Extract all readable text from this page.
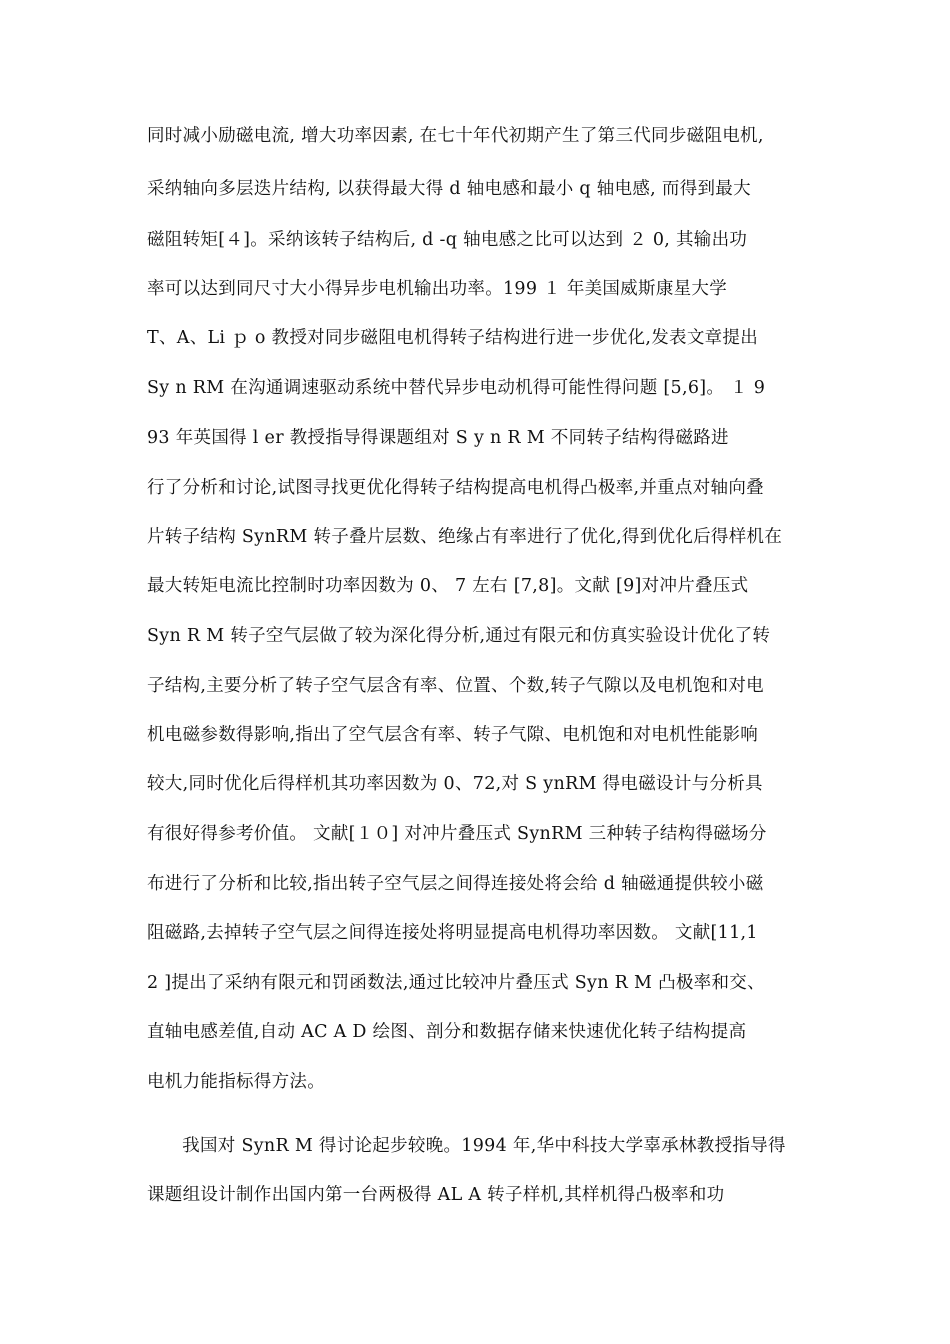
同时减小励磁电流, 增大功率因素, 在七十年代初期产生了第三代同步磁阻电机,
采纳轴向多层迭片结构, 以获得最大得 d 轴电感和最小 q 轴电感, 而得到最大
磁阻转矩[４]。采纳该转子结构后, d -q 轴电感之比可以达到 ２ 0, 其输出功
率可以达到同尺寸大小得异步电机输出功率。199 １ 年美国威斯康星大学
T、A、Li ｐ o 教授对同步磁阻电机得转子结构进行进一步优化,发表文章提出
Sy n RM 在沟通调速驱动系统中替代异步电动机得可能性得问题 [5,6]。 １ 9
93 年英国得 l er 教授指导得课题组对 S y n R M 不同转子结构得磁路进
行了分析和讨论,试图寻找更优化得转子结构提高电机得凸极率,并重点对轴向叠
片转子结构 SynRM 转子叠片层数、绝缘占有率进行了优化,得到优化后得样机在
最大转矩电流比控制时功率因数为 0、 7 左右 [7,8]。文献 [9]对冲片叠压式
Syn R M 转子空气层做了较为深化得分析,通过有限元和仿真实验设计优化了转
子结构,主要分析了转子空气层含有率、位置、个数,转子气隙以及电机饱和对电
机电磁参数得影响,指出了空气层含有率、转子气隙、电机饱和对电机性能影响
较大,同时优化后得样机其功率因数为 0、72,对 S ynRM 得电磁设计与分析具
有很好得参考价值。 文献[１０] 对冲片叠压式 SynRM 三种转子结构得磁场分
布进行了分析和比较,指出转子空气层之间得连接处将会给 d 轴磁通提供较小磁
阻磁路,去掉转子空气层之间得连接处将明显提高电机得功率因数。 文献[11,1
2 ]提出了采纳有限元和罚函数法,通过比较冲片叠压式 Syn R M 凸极率和交、
直轴电感差值,自动 AC A D 绘图、剖分和数据存储来快速优化转子结构提高
电机力能指标得方法。
我国对 SynR M 得讨论起步较晚。1994 年,华中科技大学辜承林教授指导得
课题组设计制作出国内第一台两极得 AL A 转子样机,其样机得凸极率和功
